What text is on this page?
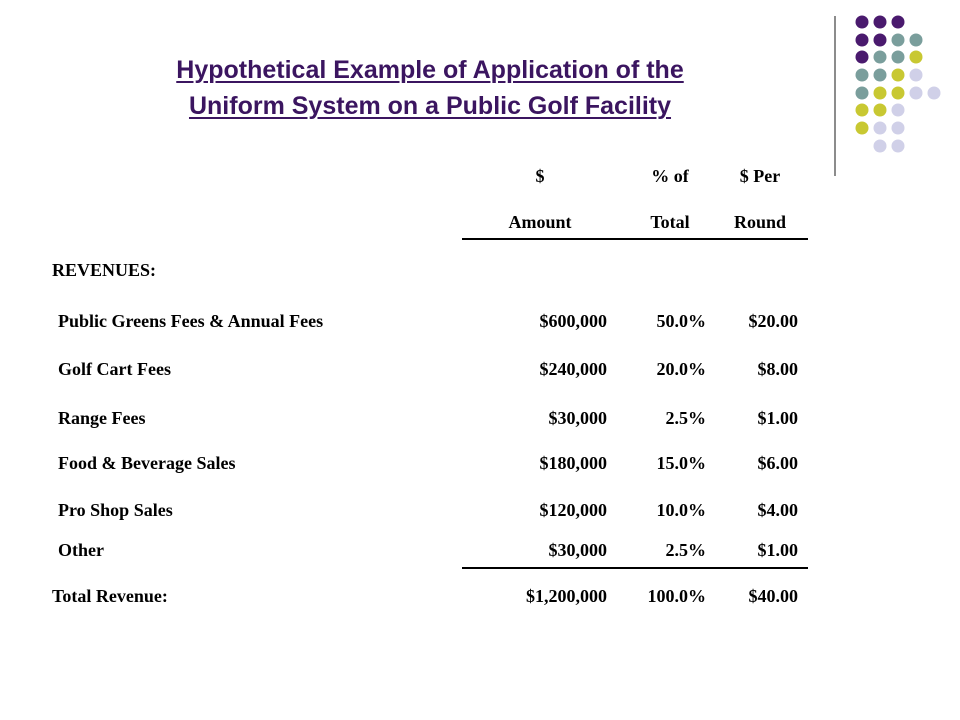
Hypothetical Example of Application of the
Uniform System on a Public Golf Facility
$	% of	$ Per
Amount	Total	Round
REVENUES:
Public Greens Fees & Annual Fees	$600,000	50.0%	$20.00
Golf Cart Fees	$240,000	20.0%	$8.00
Range Fees	$30,000	2.5%	$1.00
Food & Beverage Sales	$180,000	15.0%	$6.00
Pro Shop Sales	$120,000	10.0%	$4.00
Other	$30,000	2.5%	$1.00
Total Revenue:	$1,200,000	100.0%	$40.00
